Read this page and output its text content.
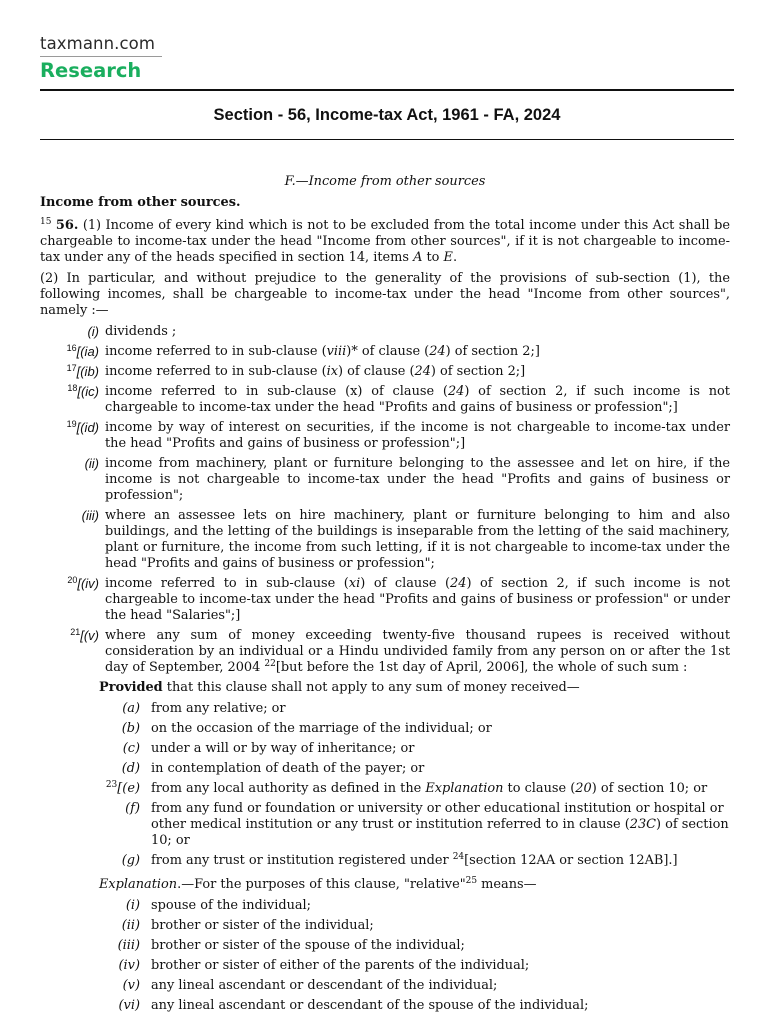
taxmann.com
Research
Section - 56, Income-tax Act, 1961 - FA, 2024
F.—Income from other sources
Income from other sources.
$^{15}$ 56. (1) Income of every kind which is not to be excluded from the total income under this Act shall be chargeable to income-tax under the head "Income from other sources", if it is not chargeable to income-tax under any of the heads specified in section 14, items A to E.
(2) In particular, and without prejudice to the generality of the provisions of sub-section (1), the following incomes, shall be chargeable to income-tax under the head "Income from other sources", namely :—
(i) dividends ;
$^{16}$[(ia) income referred to in sub-clause (viii)* of clause (24) of section 2;]
$^{17}$[(ib) income referred to in sub-clause (ix) of clause (24) of section 2;]
$^{18}$[(ic) income referred to in sub-clause (x) of clause (24) of section 2, if such income is not chargeable to income-tax under the head "Profits and gains of business or profession";]
$^{19}$[(id) income by way of interest on securities, if the income is not chargeable to income-tax under the head "Profits and gains of business or profession";]
(ii) income from machinery, plant or furniture belonging to the assessee and let on hire, if the income is not chargeable to income-tax under the head "Profits and gains of business or profession";
(iii) where an assessee lets on hire machinery, plant or furniture belonging to him and also buildings, and the letting of the buildings is inseparable from the letting of the said machinery, plant or furniture, the income from such letting, if it is not chargeable to income-tax under the head "Profits and gains of business or profession";
$^{20}$[(iv) income referred to in sub-clause (xi) of clause (24) of section 2, if such income is not chargeable to income-tax under the head "Profits and gains of business or profession" or under the head "Salaries";]
$^{21}$[(v) where any sum of money exceeding twenty-five thousand rupees is received without consideration by an individual or a Hindu undivided family from any person on or after the 1st day of September, 2004 $^{22}$[but before the 1st day of April, 2006], the whole of such sum :
Provided that this clause shall not apply to any sum of money received—
(a) from any relative; or
(b) on the occasion of the marriage of the individual; or
(c) under a will or by way of inheritance; or
(d) in contemplation of death of the payer; or
$^{23}$[(e) from any local authority as defined in the Explanation to clause (20) of section 10; or
(f) from any fund or foundation or university or other educational institution or hospital or other medical institution or any trust or institution referred to in clause (23C) of section 10; or
(g) from any trust or institution registered under $^{24}$[section 12AA or section 12AB].]
Explanation.—For the purposes of this clause, "relative"$^{25}$ means—
(i) spouse of the individual;
(ii) brother or sister of the individual;
(iii) brother or sister of the spouse of the individual;
(iv) brother or sister of either of the parents of the individual;
(v) any lineal ascendant or descendant of the individual;
(vi) any lineal ascendant or descendant of the spouse of the individual;
